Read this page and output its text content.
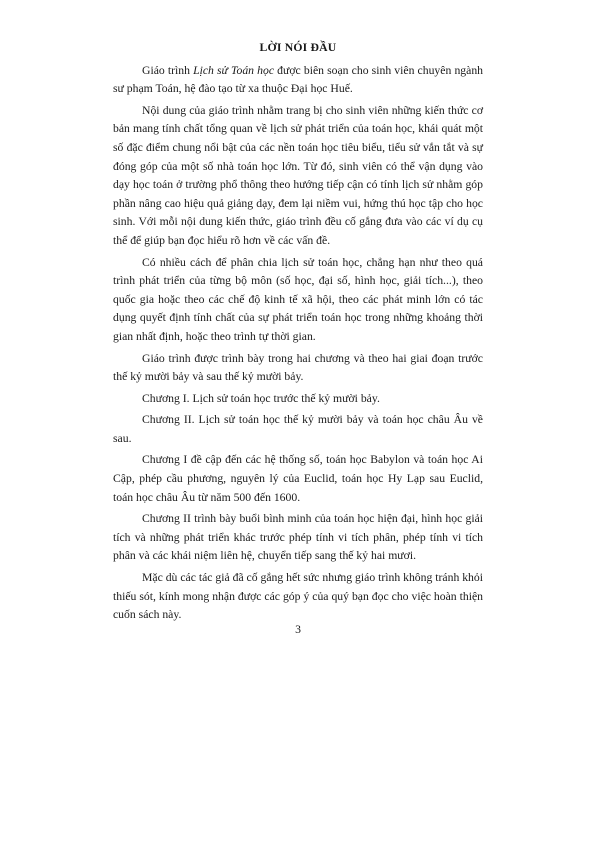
LỜI NÓI ĐẦU

Giáo trình Lịch sử Toán học được biên soạn cho sinh viên chuyên ngành sư phạm Toán, hệ đào tạo từ xa thuộc Đại học Huế.

Nội dung của giáo trình nhằm trang bị cho sinh viên những kiến thức cơ bản mang tính chất tổng quan về lịch sử phát triển của toán học, khái quát một số đặc điểm chung nổi bật của các nền toán học tiêu biểu, tiểu sử vắn tắt và sự đóng góp của một số nhà toán học lớn. Từ đó, sinh viên có thể vận dụng vào dạy học toán ở trường phổ thông theo hướng tiếp cận có tính lịch sử nhằm góp phần nâng cao hiệu quả giảng dạy, đem lại niềm vui, hứng thú học tập cho học sinh. Với mỗi nội dung kiến thức, giáo trình đều cố gắng đưa vào các ví dụ cụ thể để giúp bạn đọc hiểu rõ hơn về các vấn đề.

Có nhiều cách để phân chia lịch sử toán học, chẳng hạn như theo quá trình phát triển của từng bộ môn (số học, đại số, hình học, giải tích...), theo quốc gia hoặc theo các chế độ kinh tế xã hội, theo các phát minh lớn có tác dụng quyết định tính chất của sự phát triển toán học trong những khoảng thời gian nhất định, hoặc theo trình tự thời gian.

Giáo trình được trình bày trong hai chương và theo hai giai đoạn trước thế kỷ mười bảy và sau thế kỷ mười bảy.

Chương I. Lịch sử toán học trước thế kỷ mười bảy.

Chương II. Lịch sử toán học thế kỷ mười bảy và toán học châu Âu về sau.

Chương I đề cập đến các hệ thống số, toán học Babylon và toán học Ai Cập, phép cầu phương, nguyên lý của Euclid, toán học Hy Lạp sau Euclid, toán học châu Âu từ năm 500 đến 1600.

Chương II trình bày buổi bình minh của toán học hiện đại, hình học giải tích và những phát triển khác trước phép tính vi tích phân, phép tính vi tích phân và các khái niệm liên hệ, chuyển tiếp sang thế kỷ hai mươi.

Mặc dù các tác giả đã cố gắng hết sức nhưng giáo trình không tránh khỏi thiếu sót, kính mong nhận được các góp ý của quý bạn đọc cho việc hoàn thiện cuốn sách này.

3
